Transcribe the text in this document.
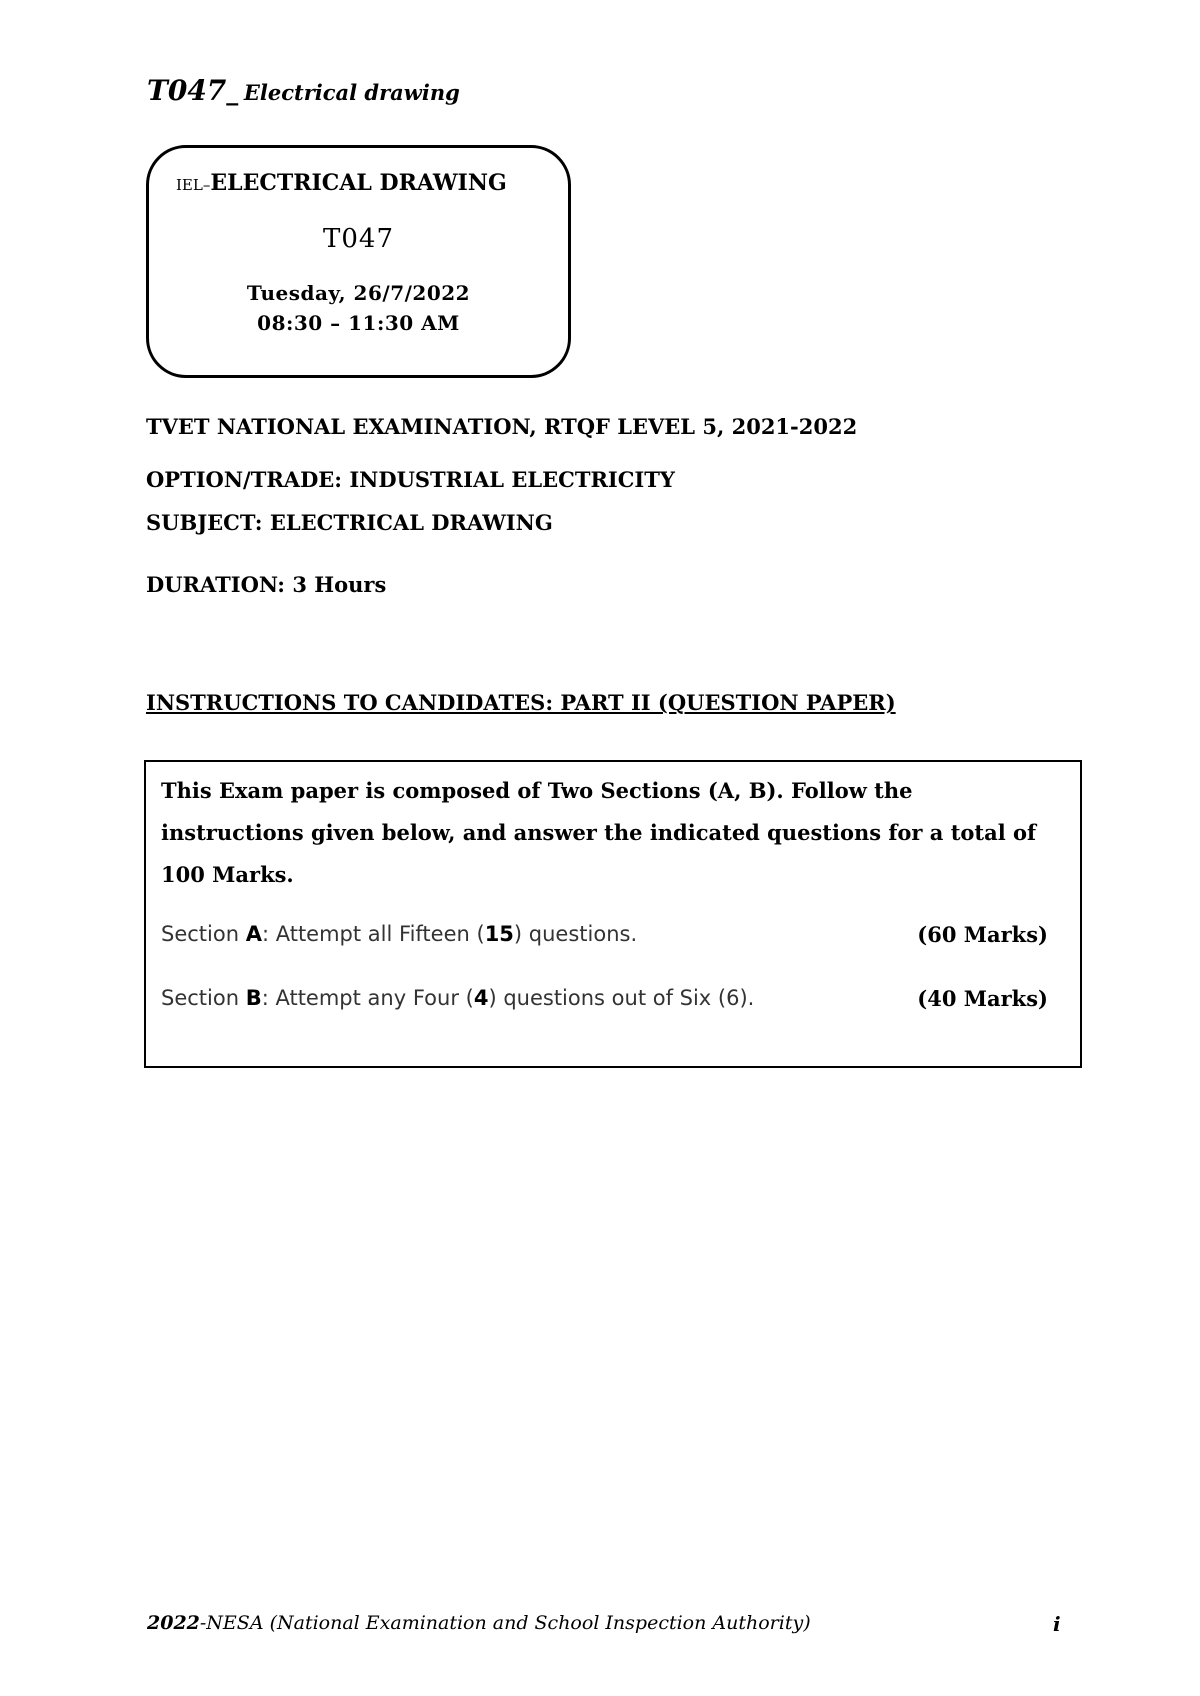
T047_ Electrical drawing
IEL–ELECTRICAL DRAWING
T047
Tuesday, 26/7/2022
08:30 – 11:30 AM
TVET NATIONAL EXAMINATION, RTQF LEVEL 5, 2021-2022
OPTION/TRADE: INDUSTRIAL ELECTRICITY
SUBJECT: ELECTRICAL DRAWING
DURATION: 3 Hours
INSTRUCTIONS TO CANDIDATES: PART II (QUESTION PAPER)
This Exam paper is composed of Two Sections (A, B). Follow the instructions given below, and answer the indicated questions for a total of 100 Marks.
Section A: Attempt all Fifteen (15) questions.	(60 Marks)
Section B: Attempt any Four (4) questions out of Six (6).	(40 Marks)
2022-NESA (National Examination and School Inspection Authority)	i
